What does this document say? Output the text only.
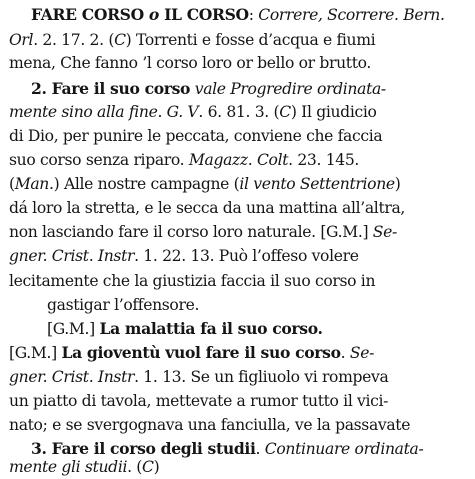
FARE CORSO o IL CORSO: Correre, Scorrere. Bern.
Orl. 2. 17. 2. (C) Torrenti e fosse d’acqua e fiumi
mena, Che fanno ’l corso loro or bello or brutto.
2. Fare il suo corso vale Progredire ordinata-
mente sino alla fine. G. V. 6. 81. 3. (C) Il giudicio
di Dio, per punire le peccata, conviene che faccia
suo corso senza riparo. Magazz. Colt. 23. 145.
(Man.) Alle nostre campagne (il vento Settentrione)
dá loro la stretta, e le secca da una mattina all’altra,
non lasciando fare il corso loro naturale. [G.M.] Se-
gner. Crist. Instr. 1. 22. 13. Può l’offeso volere
lecitamente che la giustizia faccia il suo corso in
gastigar l’offensore.
[G.M.] La malattia fa il suo corso.
[G.M.] La gioventù vuol fare il suo corso. Se-
gner. Crist. Instr. 1. 13. Se un figliuolo vi rompeva
un piatto di tavola, mettevate a rumor tutto il vici-
nato; e se svergognava una fanciulla, ve la passavate
3. Fare il corso degli studii. Continuare ordinata-
mente gli studii. (C)
